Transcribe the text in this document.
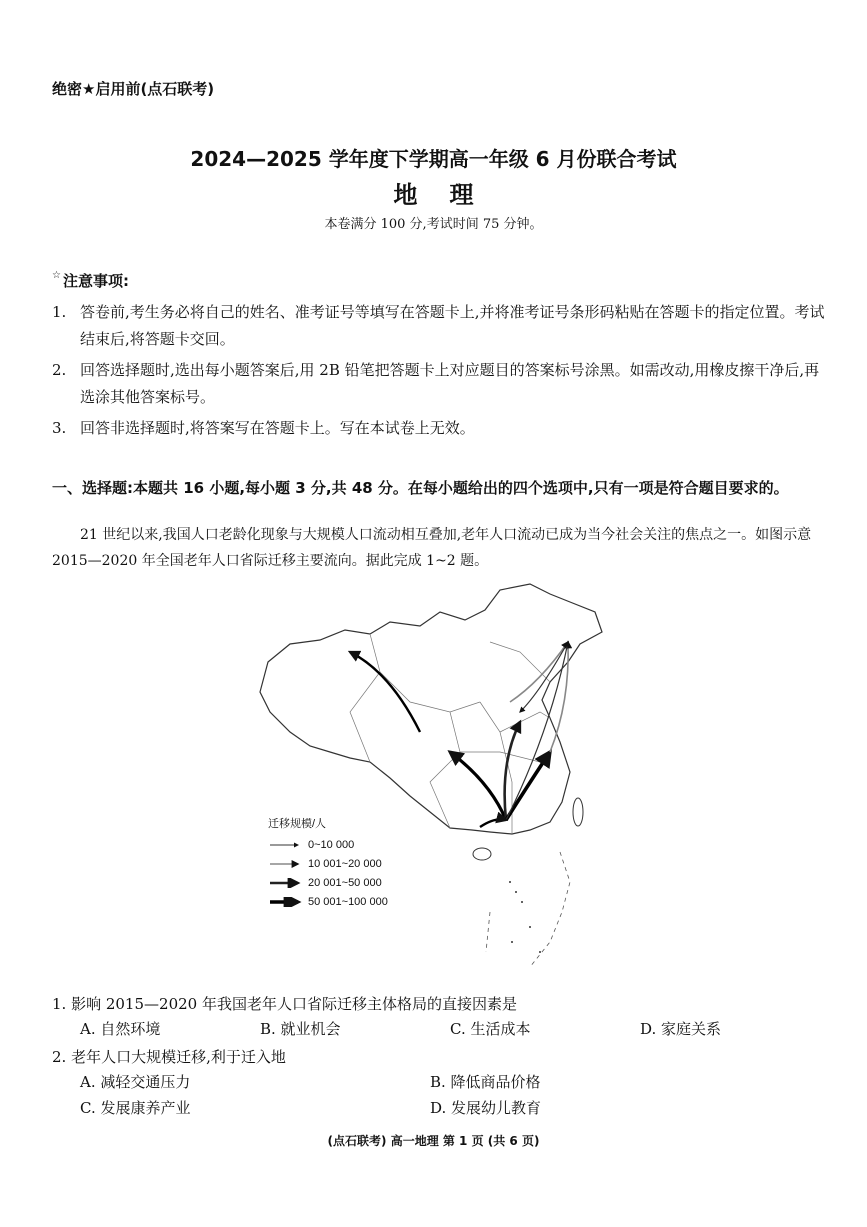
绝密★启用前(点石联考)
2024—2025 学年度下学期高一年级 6 月份联合考试
地理
本卷满分 100 分,考试时间 75 分钟。
☆ 注意事项:
1. 答卷前,考生务必将自己的姓名、准考证号等填写在答题卡上,并将准考证号条形码粘贴在答题卡的指定位置。考试结束后,将答题卡交回。
2. 回答选择题时,选出每小题答案后,用 2B 铅笔把答题卡上对应题目的答案标号涂黑。如需改动,用橡皮擦干净后,再选涂其他答案标号。
3. 回答非选择题时,将答案写在答题卡上。写在本试卷上无效。
一、选择题:本题共 16 小题,每小题 3 分,共 48 分。在每小题给出的四个选项中,只有一项是符合题目要求的。
21 世纪以来,我国人口老龄化现象与大规模人口流动相互叠加,老年人口流动已成为当今社会关注的焦点之一。如图示意 2015—2020 年全国老年人口省际迁移主要流向。据此完成 1~2 题。
迁移规模/人
0~10 000
10 001~20 000
20 001~50 000
50 001~100 000
1. 影响 2015—2020 年我国老年人口省际迁移主体格局的直接因素是
A. 自然环境	B. 就业机会	C. 生活成本	D. 家庭关系
2. 老年人口大规模迁移,利于迁入地
A. 减轻交通压力	B. 降低商品价格
C. 发展康养产业	D. 发展幼儿教育
(点石联考) 高一地理 第 1 页 (共 6 页)
